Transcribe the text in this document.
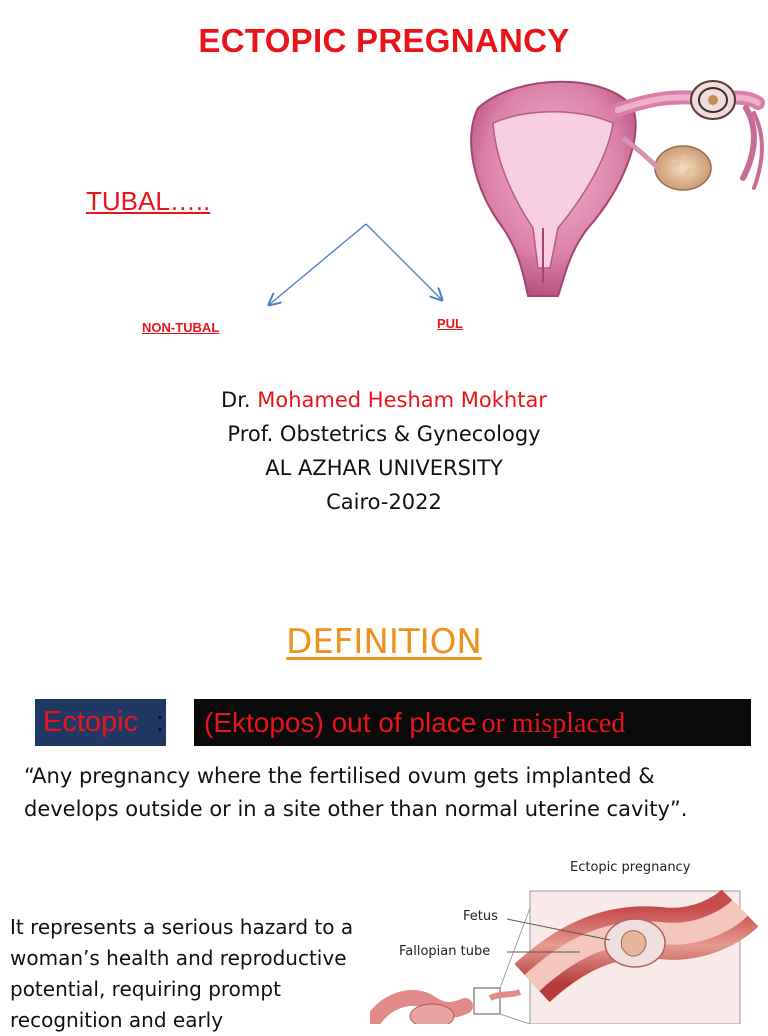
ECTOPIC PREGNANCY
TUBAL…..
NON-TUBAL	PUL
Dr. Mohamed Hesham Mokhtar
Prof. Obstetrics & Gynecology
AL AZHAR UNIVERSITY
Cairo-2022
DEFINITION
Ectopic :	(Ektopos) out of place or misplaced
“Any pregnancy where the fertilised ovum gets implanted & develops outside or in a site other than normal uterine cavity”.
It represents a serious hazard to a woman’s health and reproductive potential, requiring prompt recognition and early
Ectopic pregnancy
Fetus
Fallopian tube
